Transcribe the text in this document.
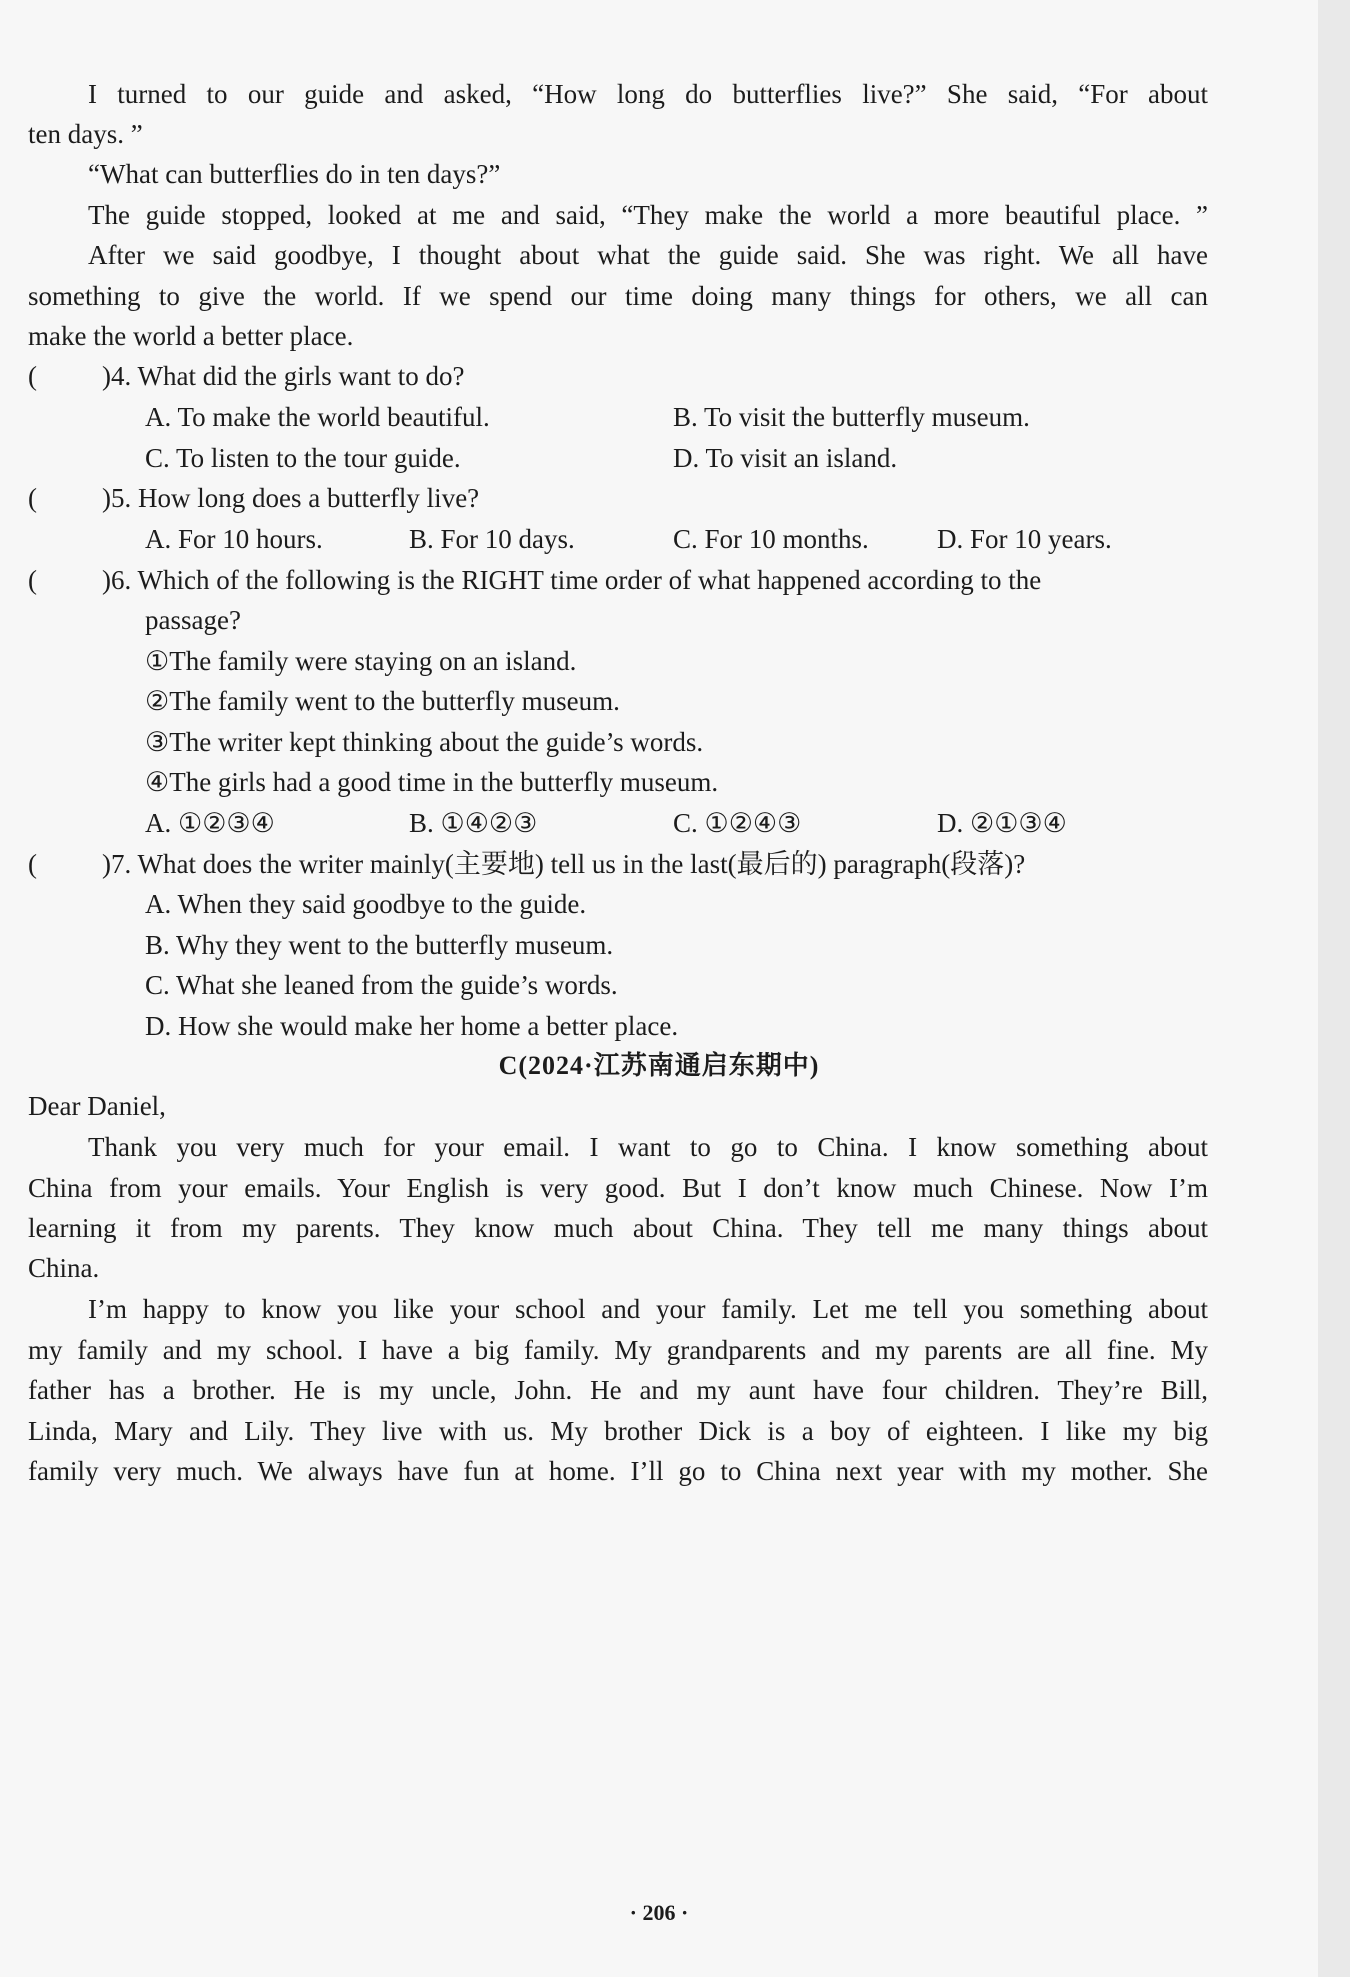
I turned to our guide and asked, “How long do butterflies live?” She said, “For about
ten days. ”
“What can butterflies do in ten days?”
The guide stopped, looked at me and said, “They make the world a more beautiful place. ”
After we said goodbye, I thought about what the guide said. She was right. We all have
something to give the world. If we spend our time doing many things for others, we all can
make the world a better place.
( )4. What did the girls want to do?
A. To make the world beautiful.	B. To visit the butterfly museum.
C. To listen to the tour guide.	D. To visit an island.
( )5. How long does a butterfly live?
A. For 10 hours.	B. For 10 days.	C. For 10 months.	D. For 10 years.
( )6. Which of the following is the RIGHT time order of what happened according to the
passage?
①The family were staying on an island.
②The family went to the butterfly museum.
③The writer kept thinking about the guide’s words.
④The girls had a good time in the butterfly museum.
A. ①②③④	B. ①④②③	C. ①②④③	D. ②①③④
( )7. What does the writer mainly(主要地) tell us in the last(最后的) paragraph(段落)?
A. When they said goodbye to the guide.
B. Why they went to the butterfly museum.
C. What she leaned from the guide’s words.
D. How she would make her home a better place.
C(2024·江苏南通启东期中)
Dear Daniel,
Thank you very much for your email. I want to go to China. I know something about
China from your emails. Your English is very good. But I don’t know much Chinese. Now I’m
learning it from my parents. They know much about China. They tell me many things about
China.
I’m happy to know you like your school and your family. Let me tell you something about
my family and my school. I have a big family. My grandparents and my parents are all fine. My
father has a brother. He is my uncle, John. He and my aunt have four children. They’re Bill,
Linda, Mary and Lily. They live with us. My brother Dick is a boy of eighteen. I like my big
family very much. We always have fun at home. I’ll go to China next year with my mother. She
· 206 ·
